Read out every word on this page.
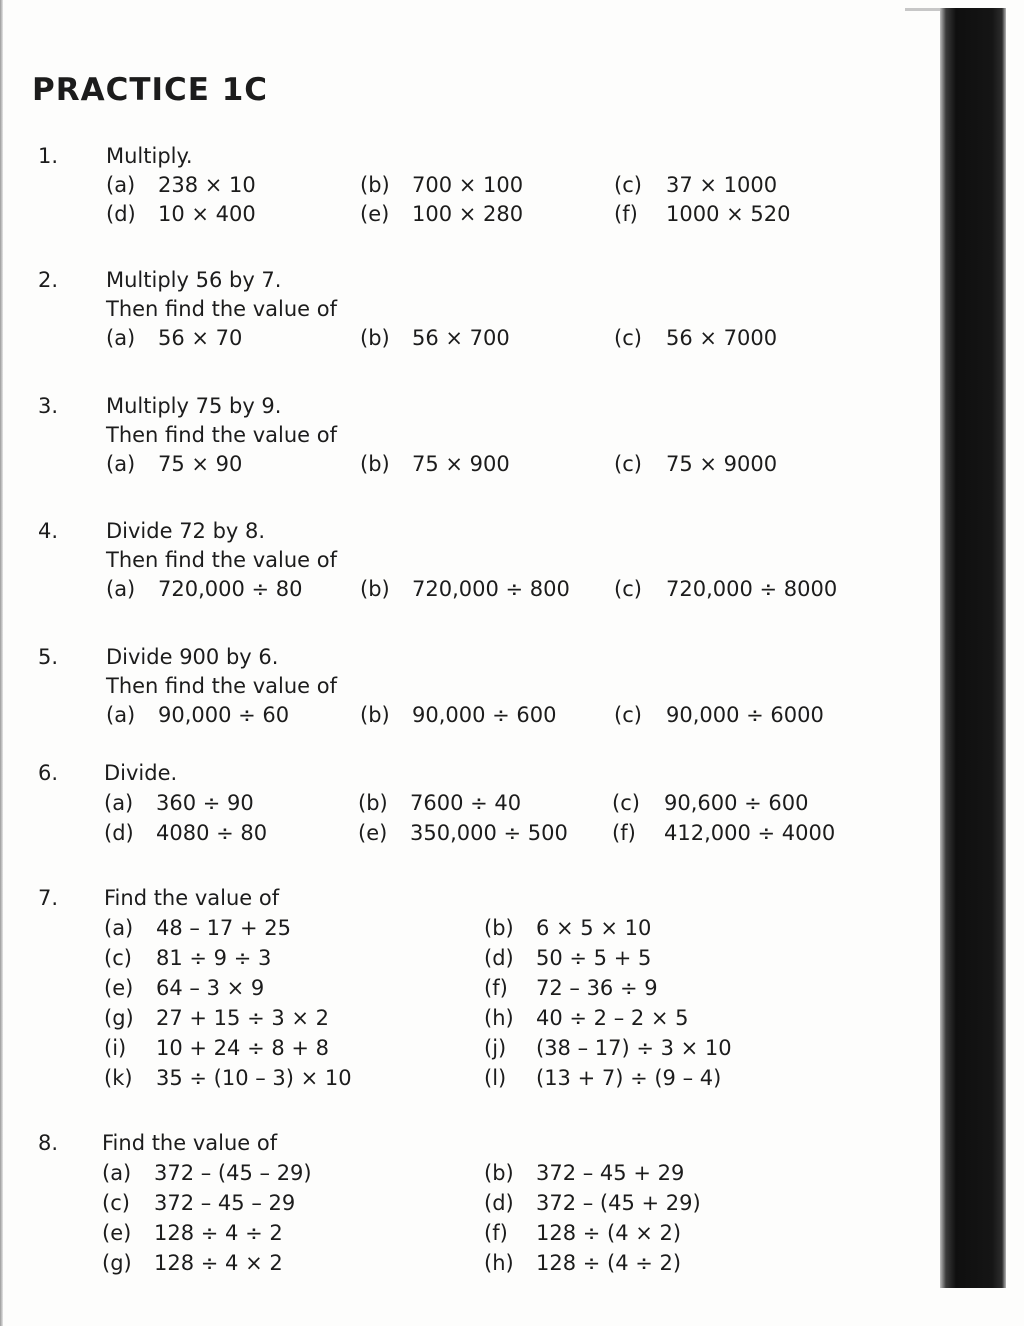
PRACTICE 1C
1. Multiply.
(a) 238 × 10	(b) 700 × 100	(c) 37 × 1000
(d) 10 × 400	(e) 100 × 280	(f) 1000 × 520
2. Multiply 56 by 7.
Then find the value of
(a) 56 × 70	(b) 56 × 700	(c) 56 × 7000
3. Multiply 75 by 9.
Then find the value of
(a) 75 × 90	(b) 75 × 900	(c) 75 × 9000
4. Divide 72 by 8.
Then find the value of
(a) 720,000 ÷ 80	(b) 720,000 ÷ 800 (c) 720,000 ÷ 8000
5. Divide 900 by 6.
Then find the value of
(a) 90,000 ÷ 60	(b) 90,000 ÷ 600	(c) 90,000 ÷ 6000
6. Divide.
(a) 360 ÷ 90	(b) 7600 ÷ 40	(c) 90,600 ÷ 600
(d) 4080 ÷ 80	(e) 350,000 ÷ 500 (f) 412,000 ÷ 4000
7. Find the value of
(a) 48 – 17 + 25	(b) 6 × 5 × 10
(c) 81 ÷ 9 ÷ 3	(d) 50 ÷ 5 + 5
(e) 64 – 3 × 9	(f) 72 – 36 ÷ 9
(g) 27 + 15 ÷ 3 × 2	(h) 40 ÷ 2 – 2 × 5
(i) 10 + 24 ÷ 8 + 8	(j) (38 – 17) ÷ 3 × 10
(k) 35 ÷ (10 – 3) × 10	(l) (13 + 7) ÷ (9 – 4)
8. Find the value of
(a) 372 – (45 – 29)	(b) 372 – 45 + 29
(c) 372 – 45 – 29	(d) 372 – (45 + 29)
(e) 128 ÷ 4 ÷ 2	(f) 128 ÷ (4 × 2)
(g) 128 ÷ 4 × 2	(h) 128 ÷ (4 ÷ 2)
